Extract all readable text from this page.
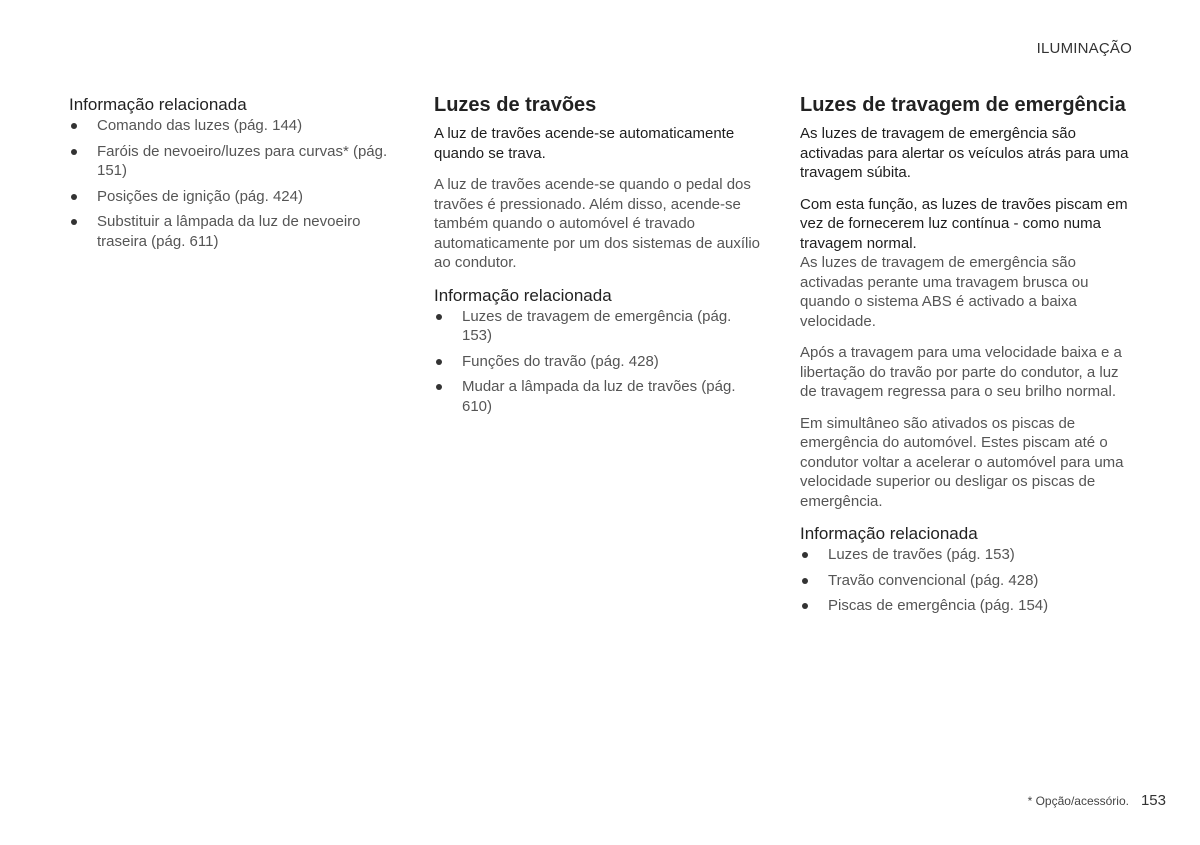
ILUMINAÇÃO
Informação relacionada
Comando das luzes (pág. 144)
Faróis de nevoeiro/luzes para curvas* (pág. 151)
Posições de ignição (pág. 424)
Substituir a lâmpada da luz de nevoeiro traseira (pág. 611)
Luzes de travões

A luz de travões acende-se automaticamente quando se trava.

A luz de travões acende-se quando o pedal dos travões é pressionado. Além disso, acende-se também quando o automóvel é travado automaticamente por um dos sistemas de auxílio ao condutor.

Informação relacionada
Luzes de travagem de emergência (pág. 153)
Funções do travão (pág. 428)
Mudar a lâmpada da luz de travões (pág. 610)
Luzes de travagem de emergência

As luzes de travagem de emergência são activadas para alertar os veículos atrás para uma travagem súbita.

Com esta função, as luzes de travões piscam em vez de fornecerem luz contínua - como numa travagem normal.

As luzes de travagem de emergência são activadas perante uma travagem brusca ou quando o sistema ABS é activado a baixa velocidade.

Após a travagem para uma velocidade baixa e a libertação do travão por parte do condutor, a luz de travagem regressa para o seu brilho normal.

Em simultâneo são ativados os piscas de emergência do automóvel. Estes piscam até o condutor voltar a acelerar o automóvel para uma velocidade superior ou desligar os piscas de emergência.

Informação relacionada
Luzes de travões (pág. 153)
Travão convencional (pág. 428)
Piscas de emergência (pág. 154)
* Opção/acessório. 153
